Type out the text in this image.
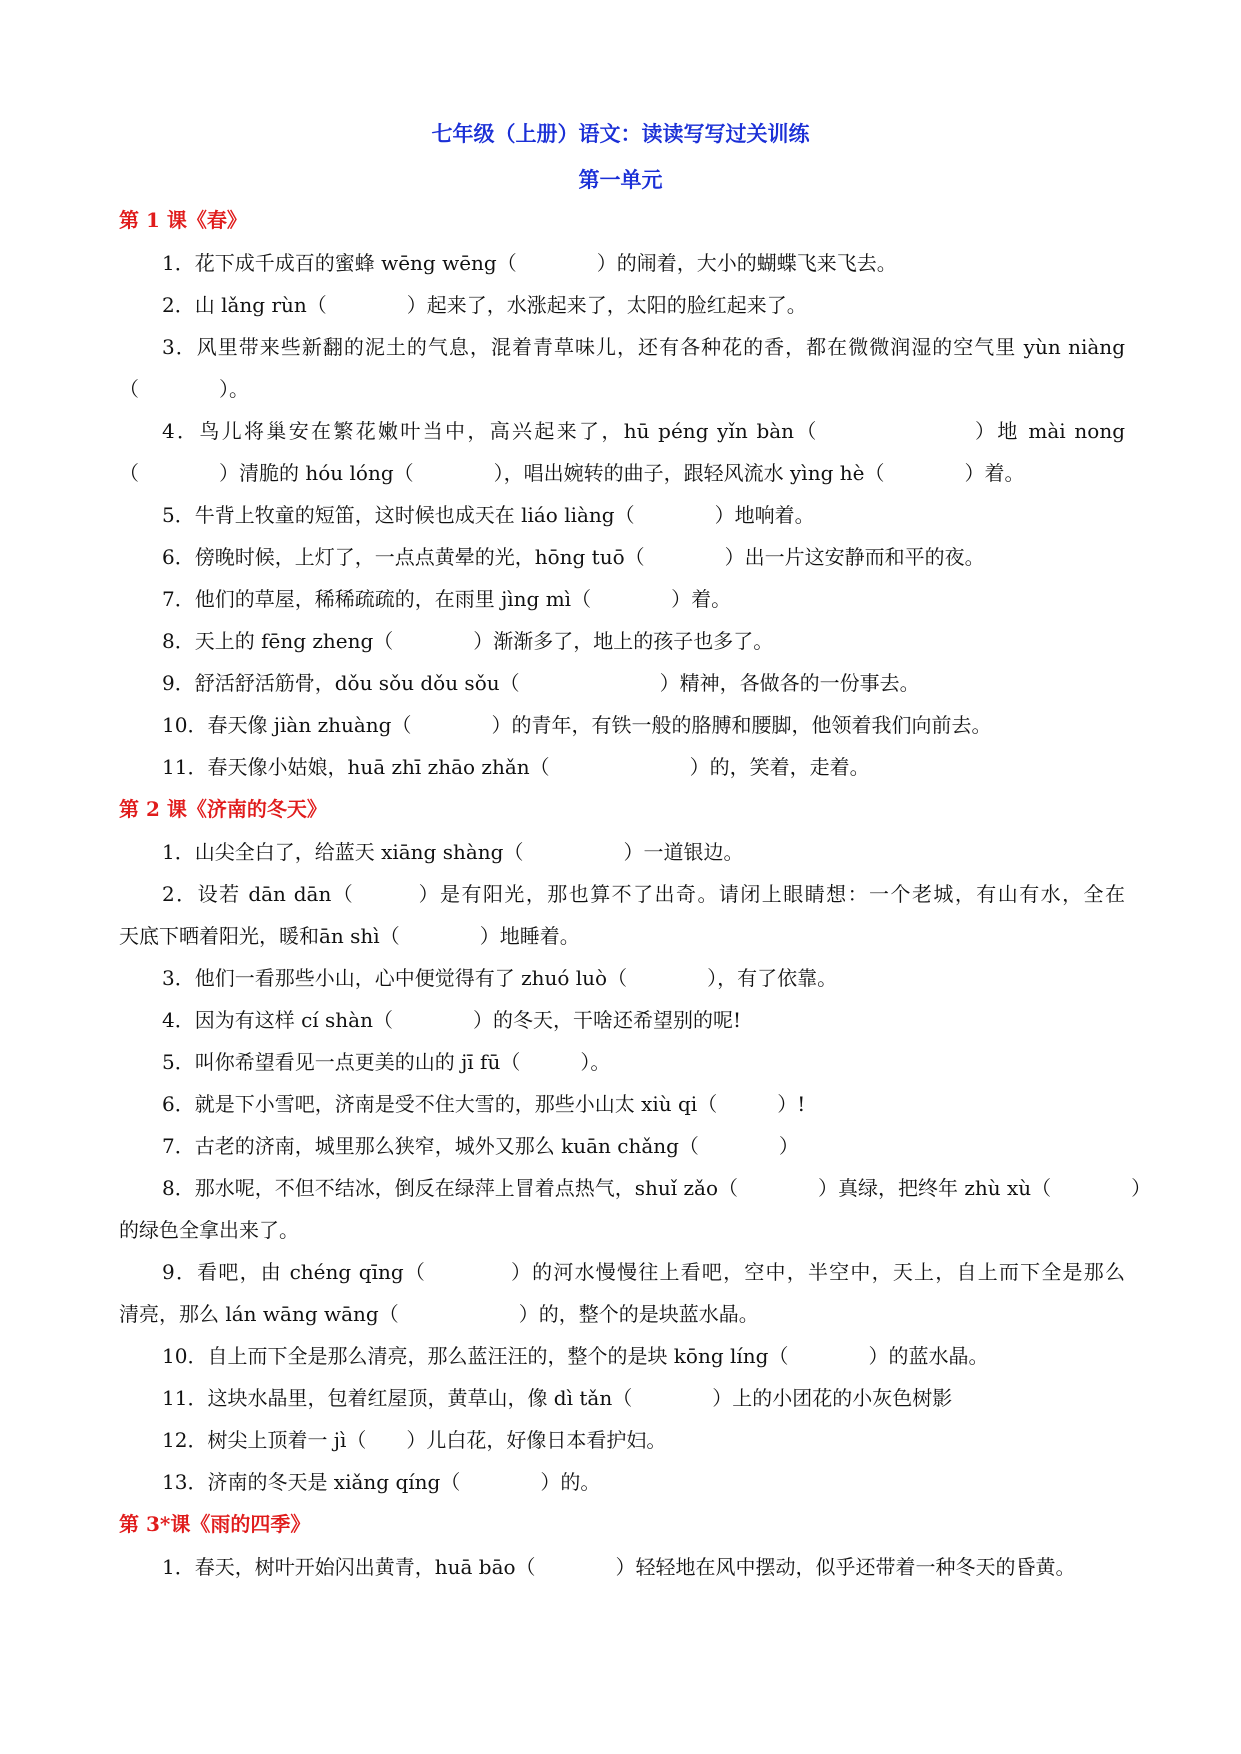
七年级（上册）语文：读读写写过关训练
第一单元
第 1 课《春》
1．花下成千成百的蜜蜂 wēng wēng（　　　　）的闹着，大小的蝴蝶飞来飞去。
2．山 lǎng rùn（　　　　）起来了，水涨起来了，太阳的脸红起来了。
3．风里带来些新翻的泥土的气息，混着青草味儿，还有各种花的香，都在微微润湿的空气里 yùn niàng
（　　　　）。
4．鸟儿将巢安在繁花嫩叶当中，高兴起来了，hū péng yǐn bàn（　　　　　　　）地 mài nong
（　　　　）清脆的 hóu lóng（　　　　），唱出婉转的曲子，跟轻风流水 yìng hè（　　　　）着。
5．牛背上牧童的短笛，这时候也成天在 liáo liàng（　　　　）地响着。
6．傍晚时候，上灯了，一点点黄晕的光，hōng tuō（　　　　）出一片这安静而和平的夜。
7．他们的草屋，稀稀疏疏的，在雨里 jìng mì（　　　　）着。
8．天上的 fēng zheng（　　　　）渐渐多了，地上的孩子也多了。
9．舒活舒活筋骨，dǒu sǒu dǒu sǒu（　　　　　　　）精神，各做各的一份事去。
10．春天像 jiàn zhuàng（　　　　）的青年，有铁一般的胳膊和腰脚，他领着我们向前去。
11．春天像小姑娘，huā zhī zhāo zhǎn（　　　　　　　）的，笑着，走着。
第 2 课《济南的冬天》
1．山尖全白了，给蓝天 xiāng shàng（　　　　　）一道银边。
2．设若 dān dān（　　　）是有阳光，那也算不了出奇。请闭上眼睛想：一个老城，有山有水，全在
天底下晒着阳光，暖和ān shì（　　　　）地睡着。
3．他们一看那些小山，心中便觉得有了 zhuó luò（　　　　），有了依靠。
4．因为有这样 cí shàn（　　　　）的冬天，干啥还希望别的呢!
5．叫你希望看见一点更美的山的 jī fū（　　　）。
6．就是下小雪吧，济南是受不住大雪的，那些小山太 xiù qi（　　　）!
7．古老的济南，城里那么狭窄，城外又那么 kuān chǎng（　　　　）
8．那水呢，不但不结冰，倒反在绿萍上冒着点热气，shuǐ zǎo（　　　　）真绿，把终年 zhù xù（　　　　）
的绿色全拿出来了。
9．看吧，由 chéng qīng（　　　　）的河水慢慢往上看吧，空中，半空中，天上，自上而下全是那么
清亮，那么 lán wāng wāng（　　　　　　）的，整个的是块蓝水晶。
10．自上而下全是那么清亮，那么蓝汪汪的，整个的是块 kōng líng（　　　　）的蓝水晶。
11．这块水晶里，包着红屋顶，黄草山，像 dì tǎn（　　　　）上的小团花的小灰色树影
12．树尖上顶着一 jì（　　）儿白花，好像日本看护妇。
13．济南的冬天是 xiǎng qíng（　　　　）的。
第 3*课《雨的四季》
1．春天，树叶开始闪出黄青，huā bāo（　　　　）轻轻地在风中摆动，似乎还带着一种冬天的昏黄。
